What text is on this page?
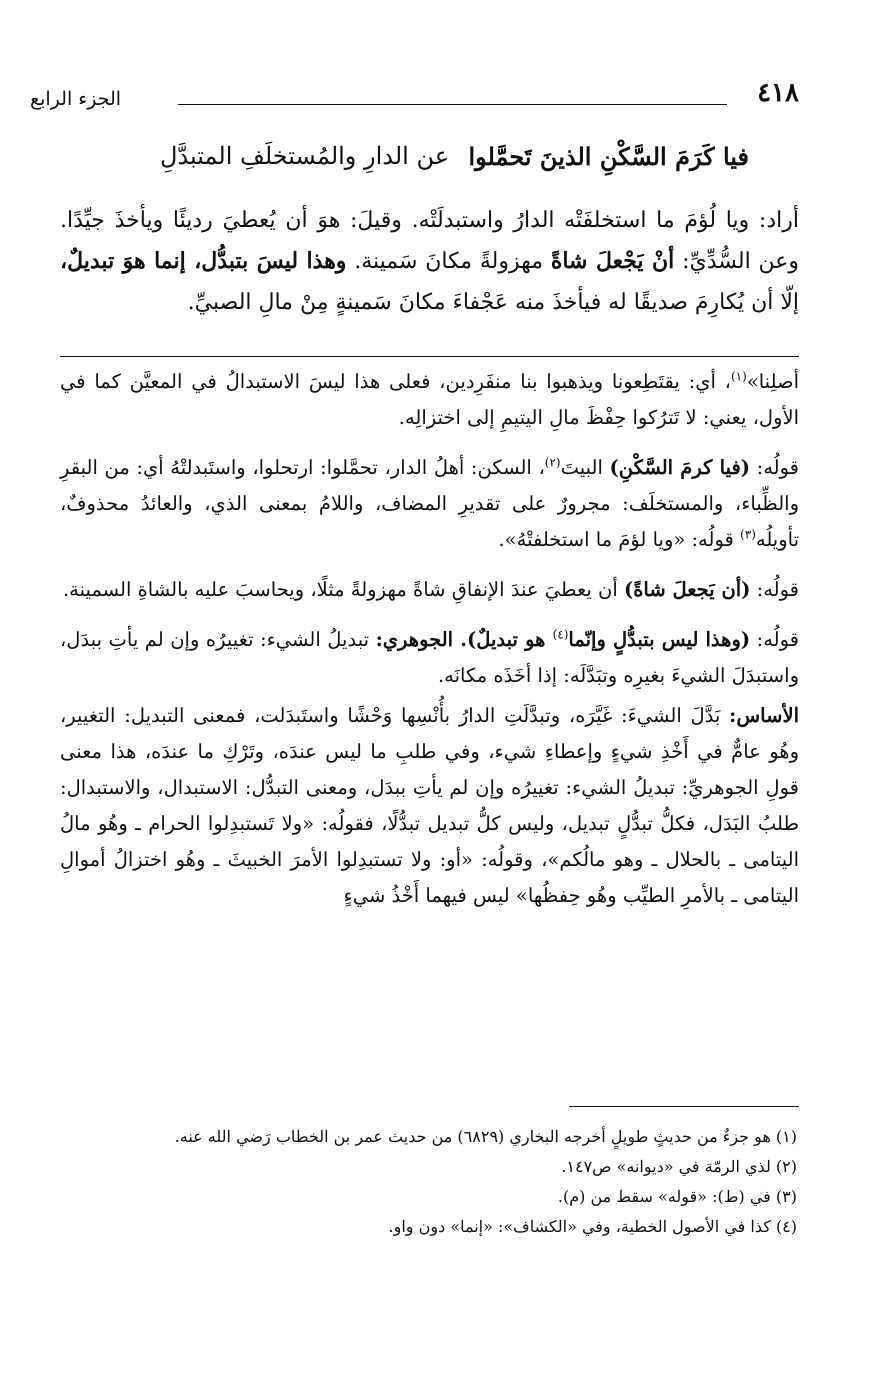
٤١٨
الجزء الرابع
فيا كَرَمَ السَّكْنِ الذينَ تَحمَّلوا
عن الدارِ والمُستخلَفِ المتبدَّلِ

أراد: ويا لُؤمَ ما استخلفَتْه الدارُ واستبدلَتْه. وقيلَ: هوَ أن يُعطيَ رديئًا ويأخذَ جيِّدًا. وعن السُّدِّيِّ: أنْ يَجْعلَ شاةً مهزولةً مكانَ سَمينة. وهذا ليسَ بتبدُّل، إنما هوَ تبديلٌ، إلّا أن يُكارِمَ صديقًا له فيأخذَ منه عَجْفاءَ مكانَ سَمينةٍ مِنْ مالِ الصبيِّ.

أصلِنا»$^{(١)}$، أي: يقتَطِعونا ويذهبوا بنا منفَرِدين، فعلى هذا ليسَ الاستبدالُ في المعيَّن كما في الأول، يعني: لا تَترُكوا حِفْظَ مالِ اليتيمِ إلى اختزالِه.

قولُه: (فيا كرمَ السَّكْنِ) البيتَ$^{(٢)}$، السكن: أهلُ الدار، تحمَّلوا: ارتحلوا، واستَبدلتْهُ أي: من البقرِ والظِّباء، والمستخلَف: مجرورٌ على تقديرِ المضاف، واللامُ بمعنى الذي، والعائدُ محذوفٌ، تأويلُه$^{(٣)}$ قولُه: «ويا لؤمَ ما استخلفتْهُ».

قولُه: (أن يَجعلَ شاةً) أن يعطيَ عندَ الإنفاقِ شاةً مهزولةً مثلًا، ويحاسبَ عليه بالشاةِ السمينة.

قولُه: (وهذا ليس بتبدُّلٍ وإنّما$^{(٤)}$ هو تبديلٌ). الجوهري: تبديلُ الشيء: تغييرُه وإن لم يأتِ ببدَل، واستبدَلَ الشيءَ بغيرِه وتبَدَّلَه: إذا أخَذَه مكانَه.

الأساس: بَدَّلَ الشيءَ: غَيَّرَه، وتبدَّلَتِ الدارُ بأُنْسِها وَحْشًا واستَبدَلت، فمعنى التبديل: التغيير، وهُو عامٌّ في أَخْذِ شيءٍ وإعطاءِ شيء، وفي طلبِ ما ليس عندَه، وتَرْكِ ما عندَه، هذا معنى قولِ الجوهريِّ: تبديلُ الشيء: تغييرُه وإن لم يأتِ ببدَل، ومعنى التبدُّل: الاستبدال، والاستبدال: طلبُ البَدَل، فكلُّ تبدُّلٍ تبديل، وليس كلُّ تبديل تبدُّلًا، فقولُه: «ولا تَستبدِلوا الحرام ـ وهُو مالُ اليتامى ـ بالحلال ـ وهو مالُكم»، وقولُه: «أو: ولا تستبدِلوا الأمرَ الخبيثَ ـ وهُو اختزالُ أموالِ اليتامى ـ بالأمرِ الطيِّب وهُو حِفظُها» ليس فيهما أَخْذُ شيءٍ

(١) هو جزءٌ من حديثٍ طويلٍ أخرجه البخاري (٦٨٢٩) من حديث عمر بن الخطاب رَضي الله عنه.
(٢) لذي الرمّة في «ديوانه» ص١٤٧.
(٣) في (ط): «قوله» سقط من (م).
(٤) كذا في الأصول الخطية، وفي «الكشاف»: «إنما» دون واو.
